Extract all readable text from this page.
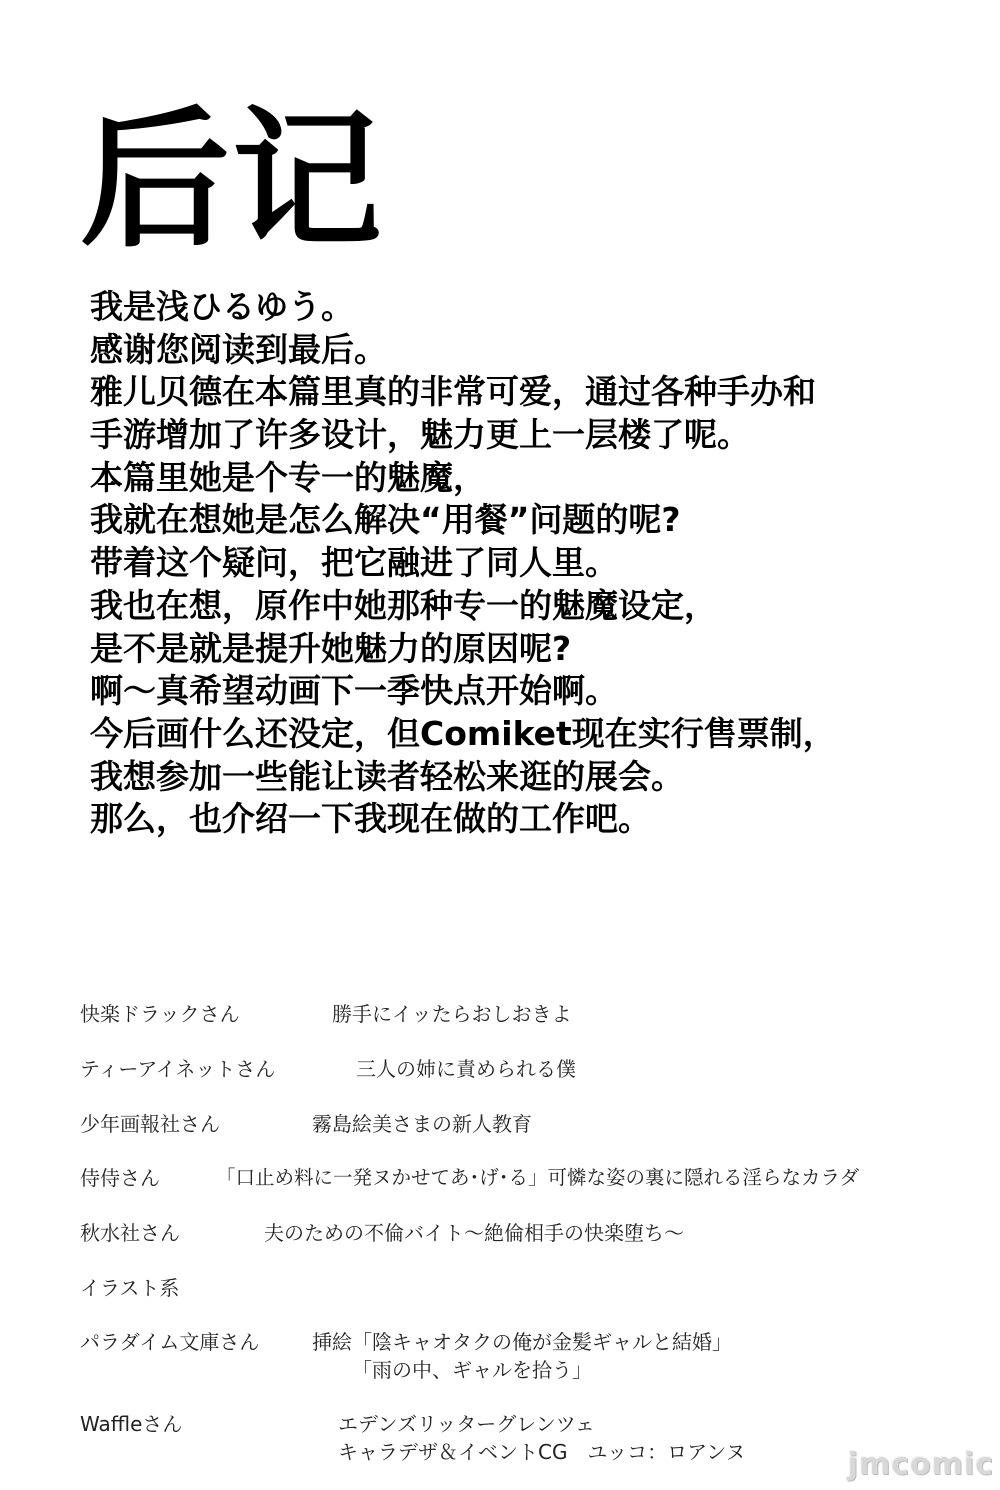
后记
我是浅ひるゆう。
感谢您阅读到最后。
雅儿贝德在本篇里真的非常可爱，通过各种手办和
手游增加了许多设计，魅力更上一层楼了呢。
本篇里她是个专一的魅魔，
我就在想她是怎么解决“用餐”问题的呢?
带着这个疑问，把它融进了同人里。
我也在想，原作中她那种专一的魅魔设定，
是不是就是提升她魅力的原因呢?
啊～真希望动画下一季快点开始啊。
今后画什么还没定，但Comiket现在实行售票制，
我想参加一些能让读者轻松来逛的展会。
那么，也介绍一下我现在做的工作吧。
快楽ドラックさん	勝手にイッたらおしおきよ
ティーアイネットさん	三人の姉に責められる僕
少年画報社さん	霧島絵美さまの新人教育
侍侍さん	「口止め料に一発ヌかせてあ･げ･る」可憐な姿の裏に隠れる淫らなカラダ
秋水社さん	夫のための不倫バイト～絶倫相手の快楽堕ち～
イラスト系
パラダイム文庫さん	挿絵「陰キャオタクの俺が金髪ギャルと結婚」
「雨の中、ギャルを拾う」
Waffleさん	エデンズリッターグレンツェ
キャラデザ＆イベントCG　ユッコ：ロアンヌ	jmcomic
